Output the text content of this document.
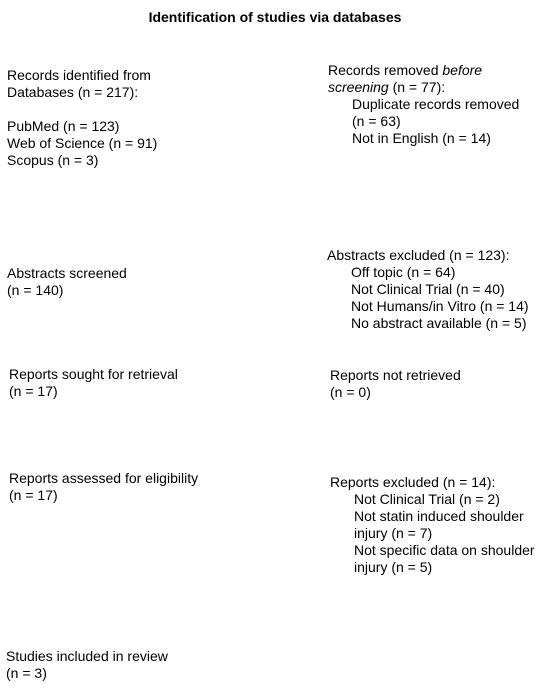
Identification of studies via databases
Records identified from
Databases (n = 217):
PubMed (n = 123)
Web of Science (n = 91)
Scopus (n = 3)
Records removed before
screening (n = 77):
Duplicate records removed
(n = 63)
Not in English (n = 14)
Abstracts screened
(n = 140)
Abstracts excluded (n = 123):
Off topic (n = 64)
Not Clinical Trial (n = 40)
Not Humans/in Vitro (n = 14)
No abstract available (n = 5)
Reports sought for retrieval
(n = 17)
Reports not retrieved
(n = 0)
Reports assessed for eligibility
(n = 17)
Reports excluded (n = 14):
Not Clinical Trial (n = 2)
Not statin induced shoulder
injury (n = 7)
Not specific data on shoulder
injury (n = 5)
Studies included in review
(n = 3)
